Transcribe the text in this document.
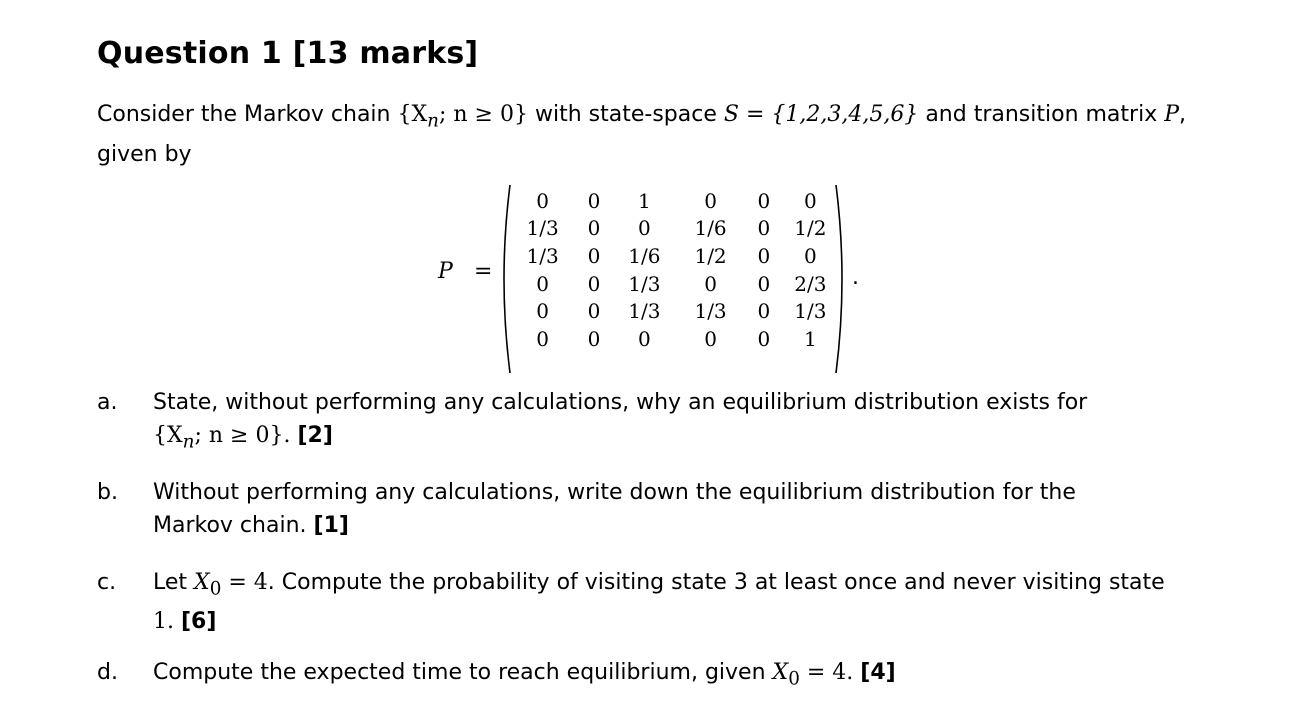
Question 1 [13 marks]
Consider the Markov chain {$X_n$; n ≥ 0} with state-space S = {1,2,3,4,5,6} and transition matrix P, given by
P =
0	0	1	0	0	0
1/3	0	0	1/6	0	1/2
1/3	0	1/6	1/2	0	0
0	0	1/3	0	0	2/3
0	0	1/3	1/3	0	1/3
0	0	0	0	0	1
.
a. State, without performing any calculations, why an equilibrium distribution exists for
{$X_n$; n ≥ 0}. [2]
b. Without performing any calculations, write down the equilibrium distribution for the Markov chain. [1]
c. Let $X_0 = 4$. Compute the probability of visiting state 3 at least once and never visiting state
1. [6]
d. Compute the expected time to reach equilibrium, given $X_0 = 4$. [4]
